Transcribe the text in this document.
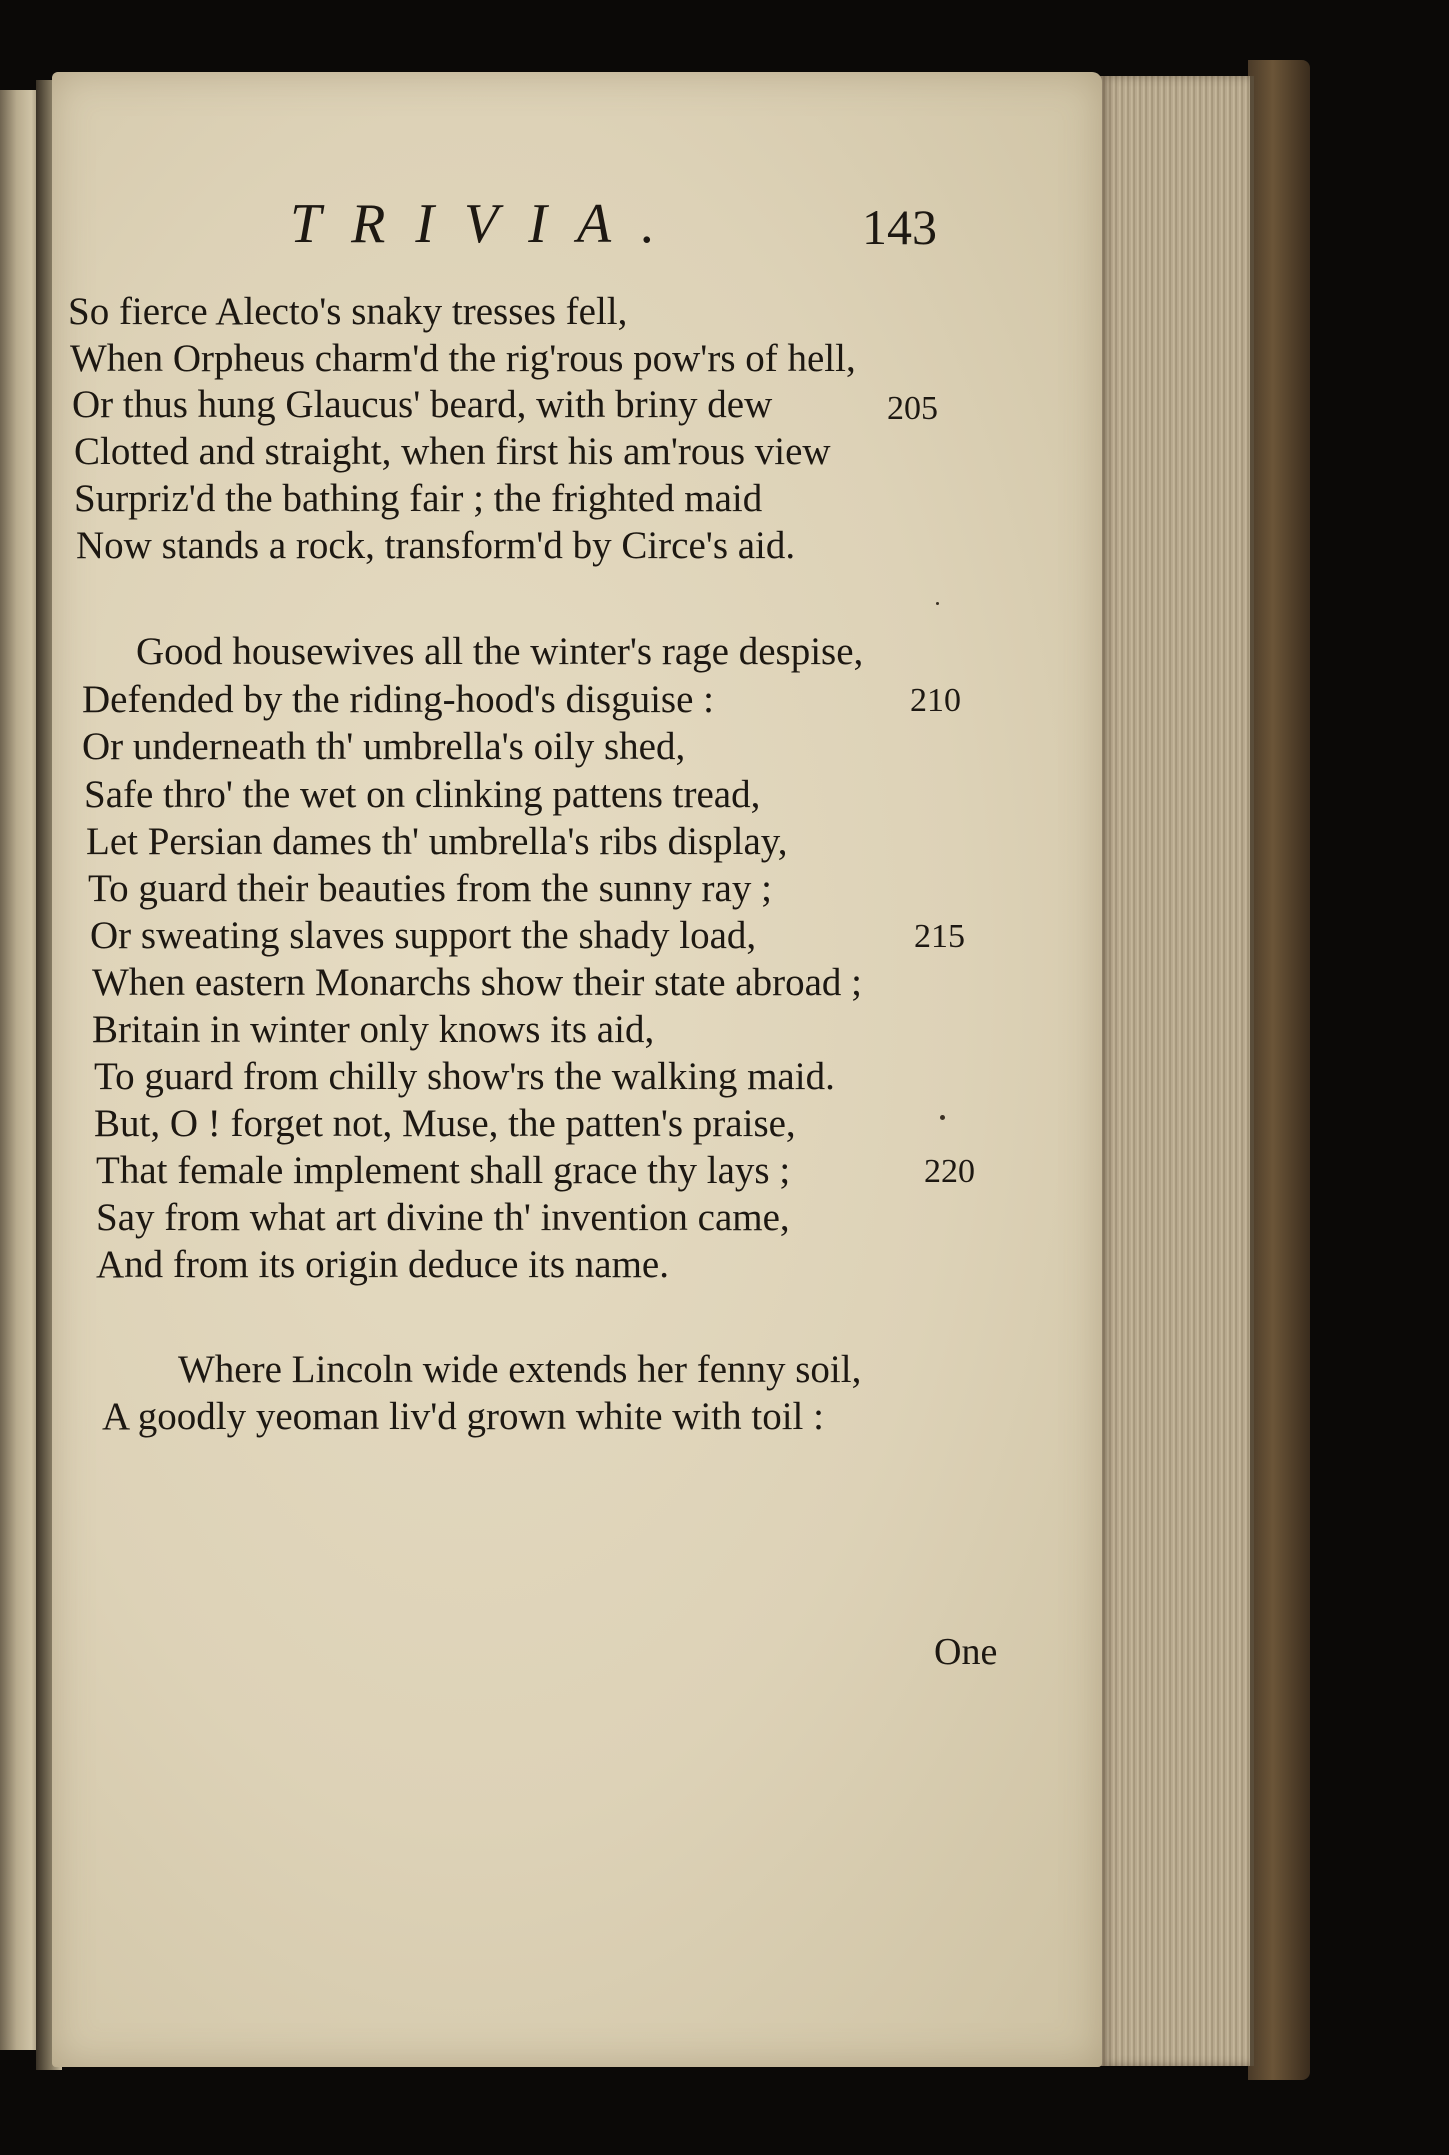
TRIVIA.	143
So fierce Alecto's snaky tresses fell,
When Orpheus charm'd the rig'rous pow'rs of hell,
Or thus hung Glaucus' beard, with briny dew	205
Clotted and straight, when first his am'rous view
Surpriz'd the bathing fair ; the frighted maid
Now stands a rock, transform'd by Circe's aid.
Good housewives all the winter's rage despise,
Defended by the riding-hood's disguise :	210
Or underneath th' umbrella's oily shed,
Safe thro' the wet on clinking pattens tread,
Let Persian dames th' umbrella's ribs display,
To guard their beauties from the sunny ray ;
Or sweating slaves support the shady load,	215
When eastern Monarchs show their state abroad ;
Britain in winter only knows its aid,
To guard from chilly show'rs the walking maid.
But, O ! forget not, Muse, the patten's praise,
That female implement shall grace thy lays ;	220
Say from what art divine th' invention came,
And from its origin deduce its name.
Where Lincoln wide extends her fenny soil,
A goodly yeoman liv'd grown white with toil :
One
